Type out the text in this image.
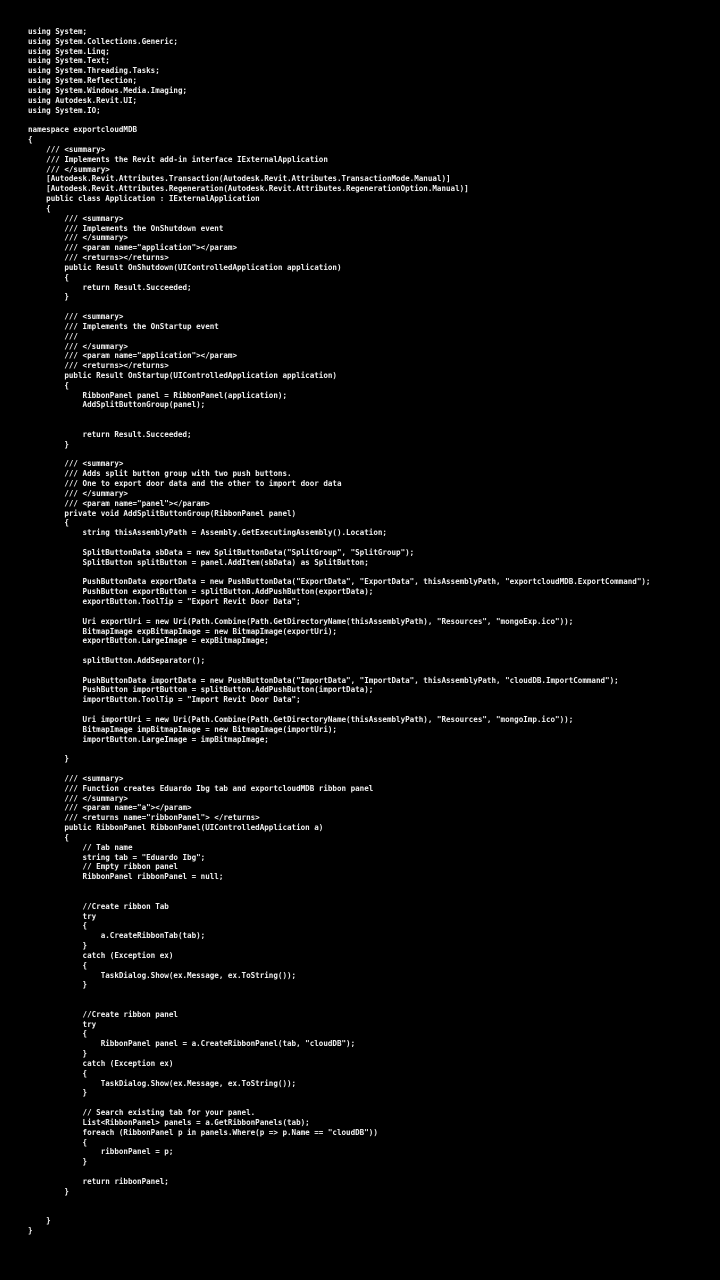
using System;
using System.Collections.Generic;
using System.Linq;
using System.Text;
using System.Threading.Tasks;
using System.Reflection;
using System.Windows.Media.Imaging;
using Autodesk.Revit.UI;
using System.IO;
namespace exportcloudMDB
{
/// <summary>
/// Implements the Revit add-in interface IExternalApplication
/// </summary>
[Autodesk.Revit.Attributes.Transaction(Autodesk.Revit.Attributes.TransactionMode.Manual)]
[Autodesk.Revit.Attributes.Regeneration(Autodesk.Revit.Attributes.RegenerationOption.Manual)]
public class Application : IExternalApplication
{
/// <summary>
/// Implements the OnShutdown event
/// </summary>
/// <param name="application"></param>
/// <returns></returns>
public Result OnShutdown(UIControlledApplication application)
{
return Result.Succeeded;
}
/// <summary>
/// Implements the OnStartup event
///
/// </summary>
/// <param name="application"></param>
/// <returns></returns>
public Result OnStartup(UIControlledApplication application)
{
RibbonPanel panel = RibbonPanel(application);
AddSplitButtonGroup(panel);
return Result.Succeeded;
}
/// <summary>
/// Adds split button group with two push buttons.
/// One to export door data and the other to import door data
/// </summary>
/// <param name="panel"></param>
private void AddSplitButtonGroup(RibbonPanel panel)
{
string thisAssemblyPath = Assembly.GetExecutingAssembly().Location;
SplitButtonData sbData = new SplitButtonData("SplitGroup", "SplitGroup");
SplitButton splitButton = panel.AddItem(sbData) as SplitButton;
PushButtonData exportData = new PushButtonData("ExportData", "ExportData", thisAssemblyPath, "exportcloudMDB.ExportCommand");
PushButton exportButton = splitButton.AddPushButton(exportData);
exportButton.ToolTip = "Export Revit Door Data";
Uri exportUri = new Uri(Path.Combine(Path.GetDirectoryName(thisAssemblyPath), "Resources", "mongoExp.ico"));
BitmapImage expBitmapImage = new BitmapImage(exportUri);
exportButton.LargeImage = expBitmapImage;
splitButton.AddSeparator();
PushButtonData importData = new PushButtonData("ImportData", "ImportData", thisAssemblyPath, "cloudDB.ImportCommand");
PushButton importButton = splitButton.AddPushButton(importData);
importButton.ToolTip = "Import Revit Door Data";
Uri importUri = new Uri(Path.Combine(Path.GetDirectoryName(thisAssemblyPath), "Resources", "mongoImp.ico"));
BitmapImage impBitmapImage = new BitmapImage(importUri);
importButton.LargeImage = impBitmapImage;
}
/// <summary>
/// Function creates Eduardo Ibg tab and exportcloudMDB ribbon panel
/// </summary>
/// <param name="a"></param>
/// <returns name="ribbonPanel"> </returns>
public RibbonPanel RibbonPanel(UIControlledApplication a)
{
// Tab name
string tab = "Eduardo Ibg";
// Empty ribbon panel
RibbonPanel ribbonPanel = null;
//Create ribbon Tab
try
{
a.CreateRibbonTab(tab);
}
catch (Exception ex)
{
TaskDialog.Show(ex.Message, ex.ToString());
}
//Create ribbon panel
try
{
RibbonPanel panel = a.CreateRibbonPanel(tab, "cloudDB");
}
catch (Exception ex)
{
TaskDialog.Show(ex.Message, ex.ToString());
}
// Search existing tab for your panel.
List<RibbonPanel> panels = a.GetRibbonPanels(tab);
foreach (RibbonPanel p in panels.Where(p => p.Name == "cloudDB"))
{
ribbonPanel = p;
}
return ribbonPanel;
}
}
}
